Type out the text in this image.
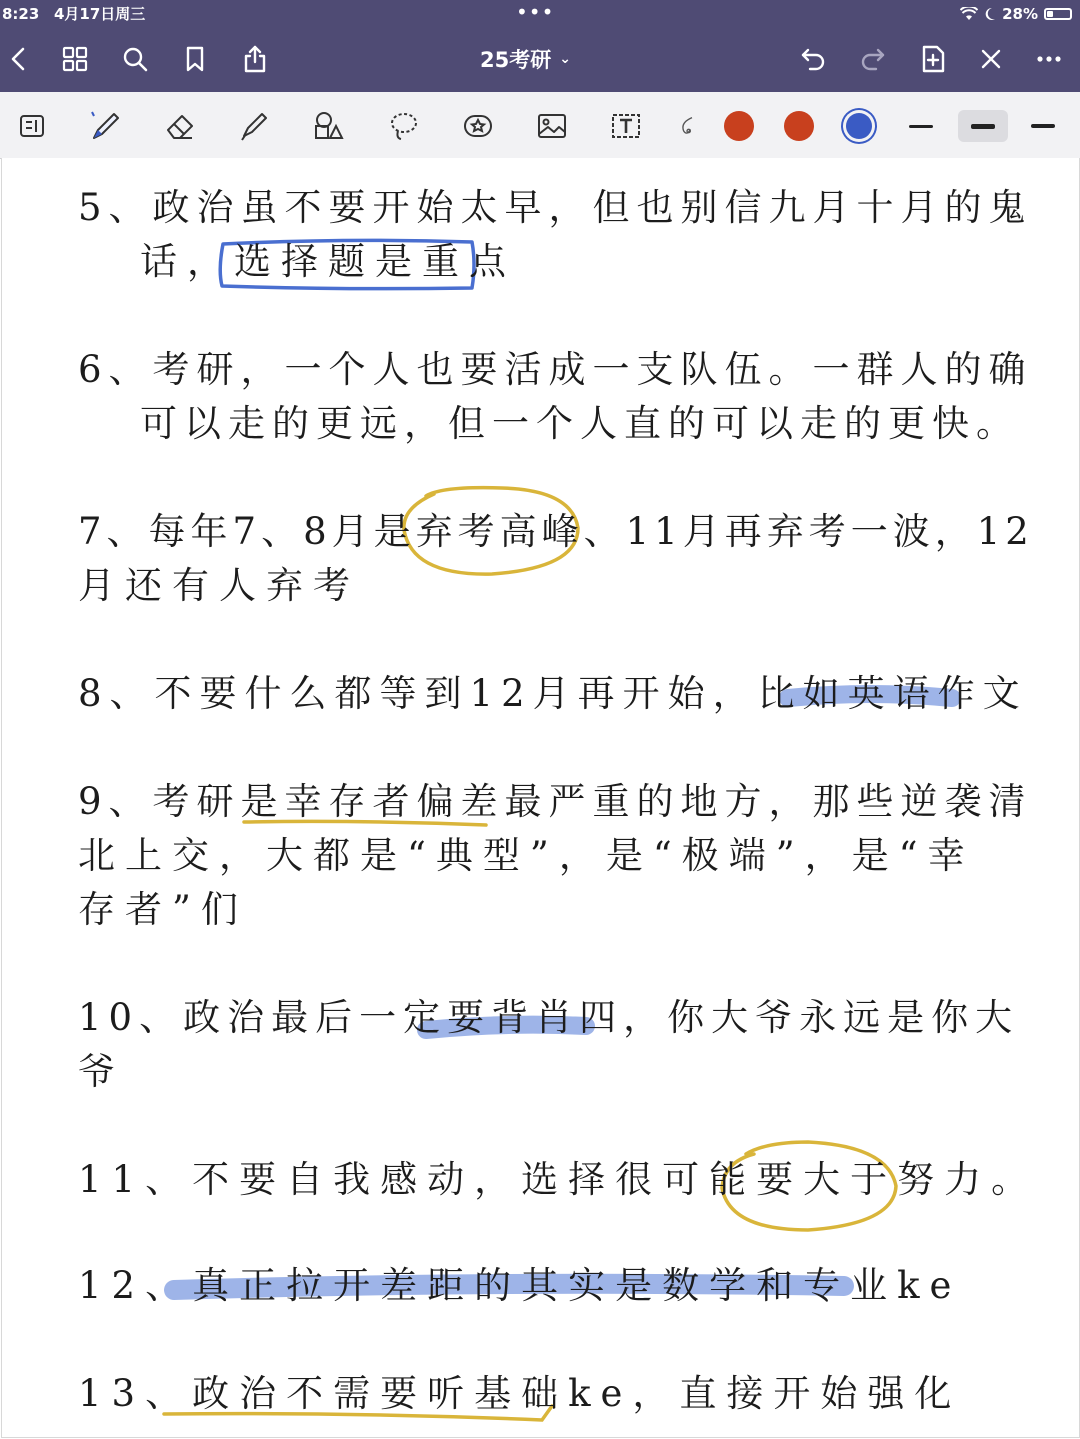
8:23 4月17日周三	•••	28%
25考研 ⌄
5、政治虽不要开始太早，但也别信九月十月的鬼
话，选择题是重点
6、考研，一个人也要活成一支队伍。一群人的确
可以走的更远，但一个人直的可以走的更快。
7、每年7、8月是弃考高峰、11月再弃考一波，12
月还有人弃考
8、不要什么都等到12月再开始，比如英语作文
9、考研是幸存者偏差最严重的地方，那些逆袭清
北上交，大都是“典型”，是“极端”，是“幸
存者”们
10、政治最后一定要背肖四，你大爷永远是你大
爷
11、不要自我感动，选择很可能要大于努力。
12、真正拉开差距的其实是数学和专业ke
13、政治不需要听基础ke，直接开始强化
